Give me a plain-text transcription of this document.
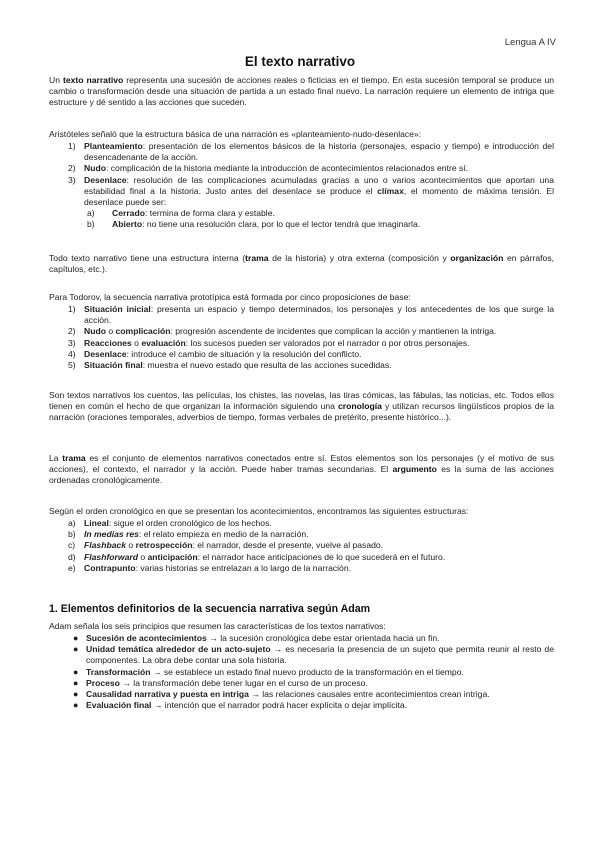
Lengua A IV
El texto narrativo
Un texto narrativo representa una sucesión de acciones reales o ficticias en el tiempo. En esta sucesión temporal se produce un cambio o transformación desde una situación de partida a un estado final nuevo. La narración requiere un elemento de intriga que estructure y dé sentido a las acciones que suceden.
Aristóteles señaló que la estructura básica de una narración es «planteamiento-nudo-desenlace»:
1) Planteamiento: presentación de los elementos básicos de la historia (personajes, espacio y tiempo) e introducción del desencadenante de la acción.
2) Nudo: complicación de la historia mediante la introducción de acontecimientos relacionados entre sí.
3) Desenlace: resolución de las complicaciones acumuladas gracias a uno o varios acontecimientos que aportan una estabilidad final a la historia. Justo antes del desenlace se produce el clímax, el momento de máxima tensión. El desenlace puede ser:
a) Cerrado: termina de forma clara y estable.
b) Abierto: no tiene una resolución clara, por lo que el lector tendrá que imaginarla.
Todo texto narrativo tiene una estructura interna (trama de la historia) y otra externa (composición y organización en párrafos, capítulos, etc.).
Para Todorov, la secuencia narrativa prototípica está formada por cinco proposiciones de base:
1) Situación inicial: presenta un espacio y tiempo determinados, los personajes y los antecedentes de los que surge la acción.
2) Nudo o complicación: progresión ascendente de incidentes que complican la acción y mantienen la intriga.
3) Reacciones o evaluación: los sucesos pueden ser valorados por el narrador o por otros personajes.
4) Desenlace: introduce el cambio de situación y la resolución del conflicto.
5) Situación final: muestra el nuevo estado que resulta de las acciones sucedidas.
Son textos narrativos los cuentos, las películas, los chistes, las novelas, las tiras cómicas, las fábulas, las noticias, etc. Todos ellos tienen en común el hecho de que organizan la información siguiendo una cronología y utilizan recursos lingüísticos propios de la narración (oraciones temporales, adverbios de tiempo, formas verbales de pretérito, presente histórico...).
La trama es el conjunto de elementos narrativos conectados entre sí. Estos elementos son los personajes (y el motivo de sus acciones), el contexto, el narrador y la acción. Puede haber tramas secundarias. El argumento es la suma de las acciones ordenadas cronológicamente.
Según el orden cronológico en que se presentan los acontecimientos, encontramos las siguientes estructuras:
a) Lineal: sigue el orden cronológico de los hechos.
b) In medias res: el relato empieza en medio de la narración.
c) Flashback o retrospección: el narrador, desde el presente, vuelve al pasado.
d) Flashforward o anticipación: el narrador hace anticipaciones de lo que sucederá en el futuro.
e) Contrapunto: varias historias se entrelazan a lo largo de la narración.
1. Elementos definitorios de la secuencia narrativa según Adam
Adam señala los seis principios que resumen las características de los textos narrativos:
● Sucesión de acontecimientos → la sucesión cronológica debe estar orientada hacia un fin.
● Unidad temática alrededor de un acto-sujeto → es necesaria la presencia de un sujeto que permita reunir al resto de componentes. La obra debe contar una sola historia.
● Transformación → se establece un estado final nuevo producto de la transformación en el tiempo.
● Proceso → la transformación debe tener lugar en el curso de un proceso.
● Causalidad narrativa y puesta en intriga → las relaciones causales entre acontecimientos crean intriga.
● Evaluación final → intención que el narrador podrá hacer explícita o dejar implícita.
